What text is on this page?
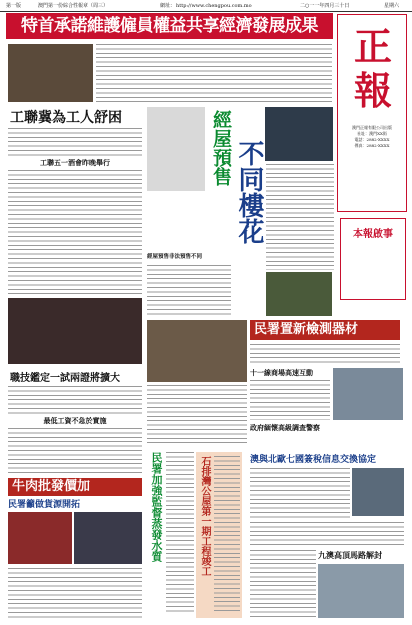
第一版	澳門第一份綜合性報章（周三）	網址： http://www.chengpou.com.mo	二○一一年四月三十日	星期六
特首承諾維護僱員權益共享經濟發展成果 正報
澳門正報有限公司出版
社址：澳門XX街
電話：2882-XXXX
傳真：2882-XXXX
工聯冀為工人舒困
工聯五一酒會昨晚舉行	經屋預售 不同樓花
經屋預售非法預售不同
本報啟事
民署置新檢測器材
十一線商場高速互動
政府緬懷高級調查警察
職技鑑定一試兩證將擴大
最低工資不急於實施
牛肉批發價加
民署籲做貨源開拓	民署加強監督蒸發水質	石排灣公屋第一期工程竣工	澳與北歐七國簽稅信息交換協定
九澳高頂馬路解封
